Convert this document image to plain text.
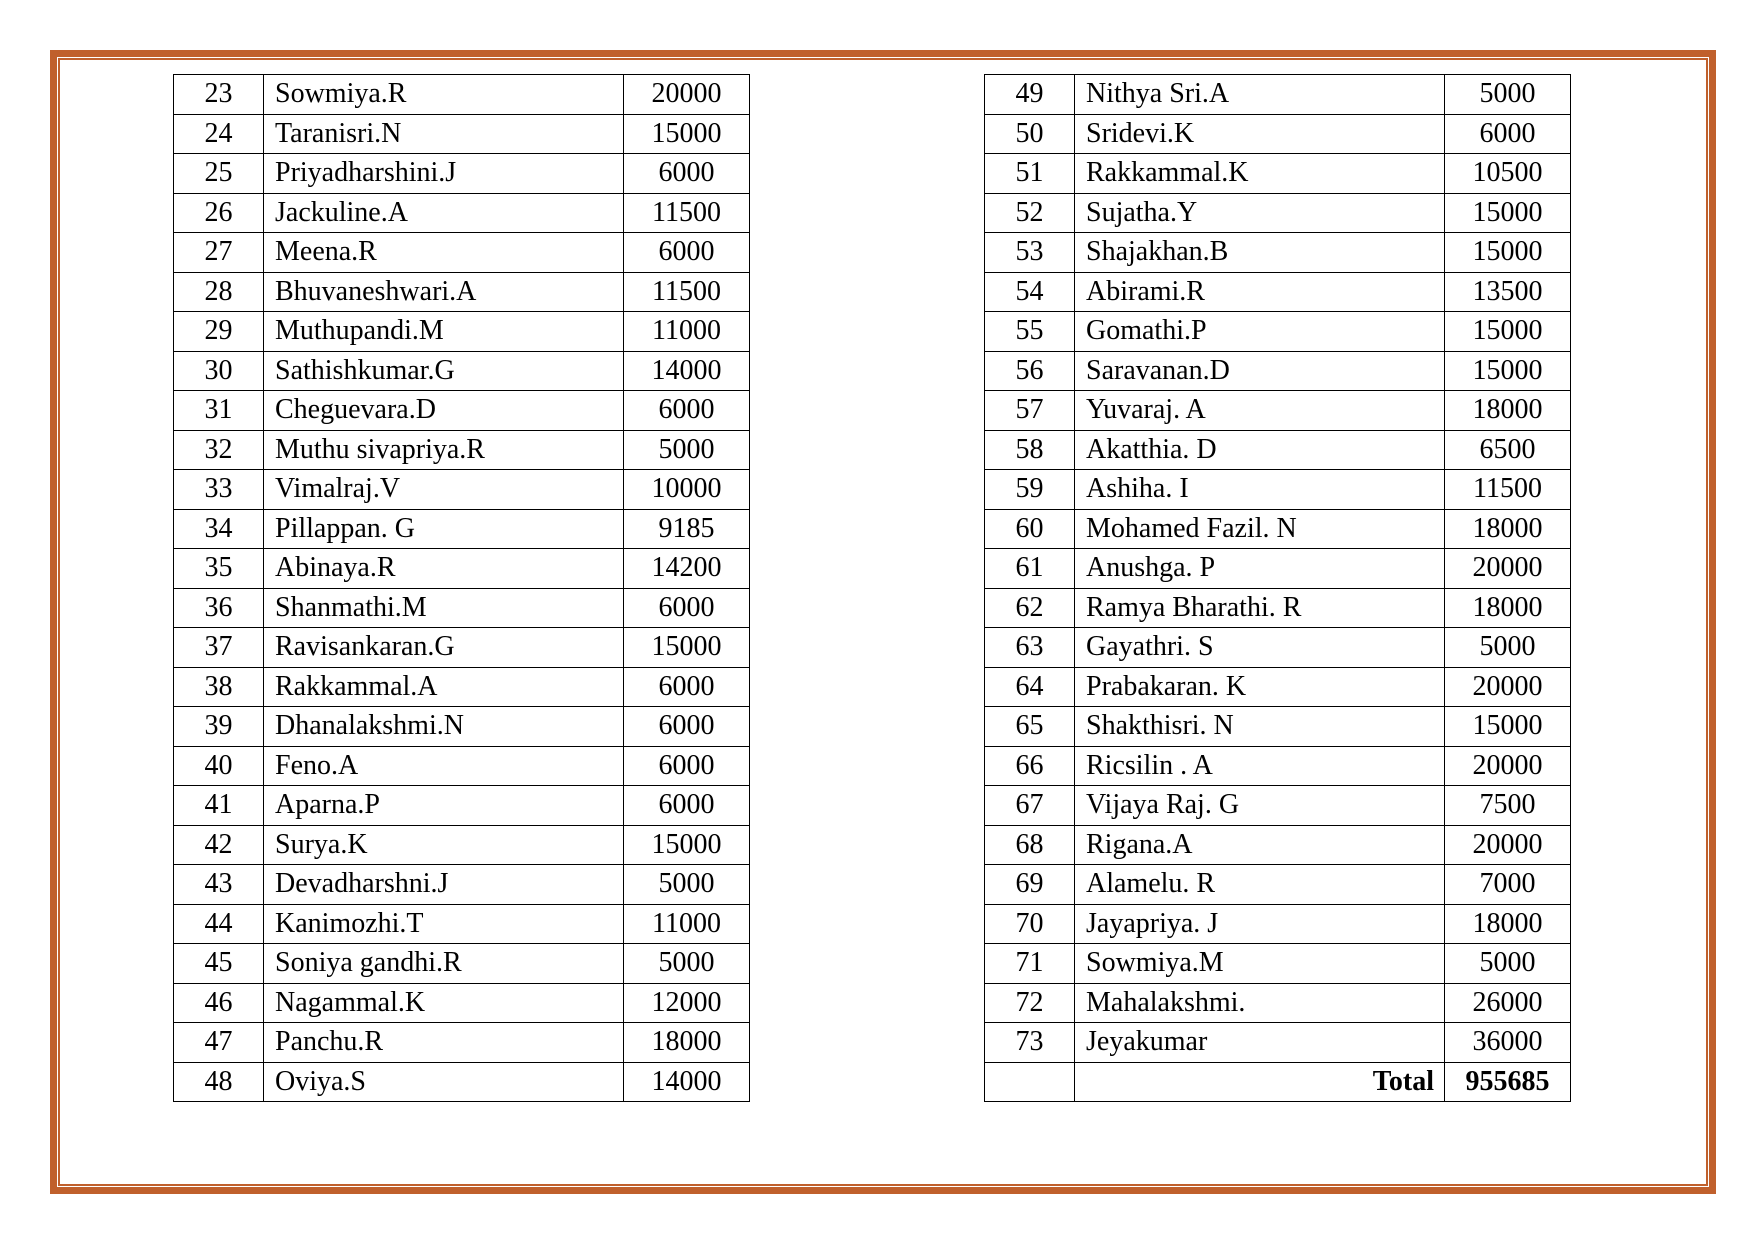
23	Sowmiya.R	20000
24	Taranisri.N	15000
25	Priyadharshini.J	6000
26	Jackuline.A	11500
27	Meena.R	6000
28	Bhuvaneshwari.A	11500
29	Muthupandi.M	11000
30	Sathishkumar.G	14000
31	Cheguevara.D	6000
32	Muthu sivapriya.R	5000
33	Vimalraj.V	10000
34	Pillappan. G	9185
35	Abinaya.R	14200
36	Shanmathi.M	6000
37	Ravisankaran.G	15000
38	Rakkammal.A	6000
39	Dhanalakshmi.N	6000
40	Feno.A	6000
41	Aparna.P	6000
42	Surya.K	15000
43	Devadharshni.J	5000
44	Kanimozhi.T	11000
45	Soniya gandhi.R	5000
46	Nagammal.K	12000
47	Panchu.R	18000
48	Oviya.S	14000
49	Nithya Sri.A	5000
50	Sridevi.K	6000
51	Rakkammal.K	10500
52	Sujatha.Y	15000
53	Shajakhan.B	15000
54	Abirami.R	13500
55	Gomathi.P	15000
56	Saravanan.D	15000
57	Yuvaraj. A	18000
58	Akatthia. D	6500
59	Ashiha. I	11500
60	Mohamed Fazil. N	18000
61	Anushga. P	20000
62	Ramya Bharathi. R	18000
63	Gayathri. S	5000
64	Prabakaran. K	20000
65	Shakthisri. N	15000
66	Ricsilin . A	20000
67	Vijaya Raj. G	7500
68	Rigana.A	20000
69	Alamelu. R	7000
70	Jayapriya. J	18000
71	Sowmiya.M	5000
72	Mahalakshmi.	26000
73	Jeyakumar	36000
	Total	955685
